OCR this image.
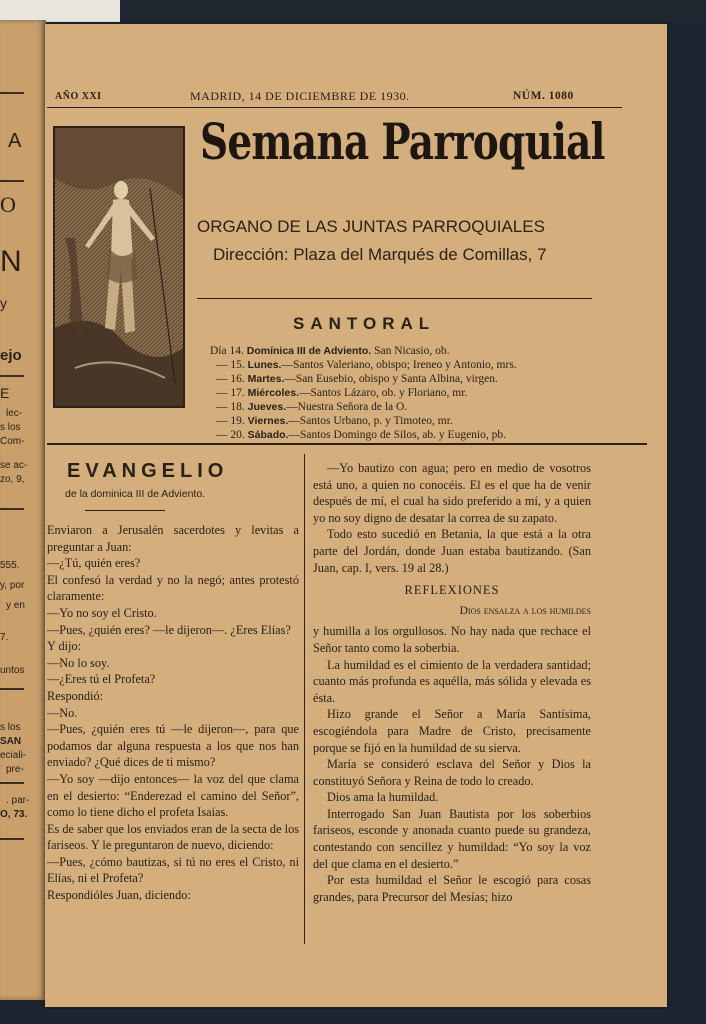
A
O
N
y
ejo
E
lec-
s los
Com-
se ac-
zo, 9,
555.
y, por
y en
7.
untos
s los
SAN
eciali-
pre-
. par-
O, 73.
AÑO XXI	MADRID, 14 DE DICIEMBRE DE 1930.	NÚM. 1080
Semana Parroquial
ORGANO DE LAS JUNTAS PARROQUIALES
Dirección: Plaza del Marqués de Comillas, 7
SANTORAL
Día 14. Domínica III de Adviento. San Nicasio, ob.
— 15. Lunes.—Santos Valeriano, obispo; Ireneo y Antonio, mrs.
— 16. Martes.—San Eusebio, obispo y Santa Albina, virgen.
— 17. Miércoles.—Santos Lázaro, ob. y Floriano, mr.
— 18. Jueves.—Nuestra Señora de la O.
— 19. Viernes.—Santos Urbano, p. y Timoteo, mr.
— 20. Sábado.—Santos Domingo de Silos, ab. y Eugenio, pb.
EVANGELIO
de la dominica III de Adviento.

Enviaron a Jerusalén sacerdotes y levitas a preguntar a Juan:

—¿Tú, quién eres?

El confesó la verdad y no la negó; antes protestó claramente:

—Yo no soy el Cristo.

—Pues, ¿quién eres? —le dijeron—. ¿Eres Elías?

Y dijo:

—No lo soy.

—¿Eres tú el Profeta?

Respondió:

—No.

—Pues, ¿quién eres tú —le dijeron—, para que podamos dar alguna respuesta a los que nos han enviado? ¿Qué dices de ti mismo?

—Yo soy —dijo entonces— la voz del que clama en el desierto: “Enderezad el camino del Señor”, como lo tiene dicho el profeta Isaías.

Es de saber que los enviados eran de la secta de los fariseos. Y le preguntaron de nuevo, diciendo:

—Pues, ¿cómo bautizas, si tú no eres el Cristo, ni Elías, ni el Profeta?

Respondióles Juan, diciendo:

—Yo bautizo con agua; pero en medio de vosotros está uno, a quien no conocéis. El es el que ha de venir después de mí, el cual ha sido preferido a mí, y a quien yo no soy digno de desatar la correa de su zapato.

Todo esto sucedió en Betania, la que está a la otra parte del Jordán, donde Juan estaba bautizando. (San Juan, cap. I, vers. 19 al 28.)

REFLEXIONES

Dios ensalza a los humildes

y humilla a los orgullosos. No hay nada que rechace el Señor tanto como la soberbia.

La humildad es el cimiento de la verdadera santidad; cuanto más profunda es aquélla, más sólida y elevada es ésta.

Hizo grande el Señor a María Santísima, escogiéndola para Madre de Cristo, precisamente porque se fijó en la humildad de su sierva.

María se consideró esclava del Señor y Dios la constituyó Señora y Reina de todo lo creado.

Dios ama la humildad.

Interrogado San Juan Bautista por los soberbios fariseos, esconde y anonada cuanto puede su grandeza, contestando con sencillez y humildad: “Yo soy la voz del que clama en el desierto.”

Por esta humildad el Señor le escogió para cosas grandes, para Precursor del Mesías; hizo
